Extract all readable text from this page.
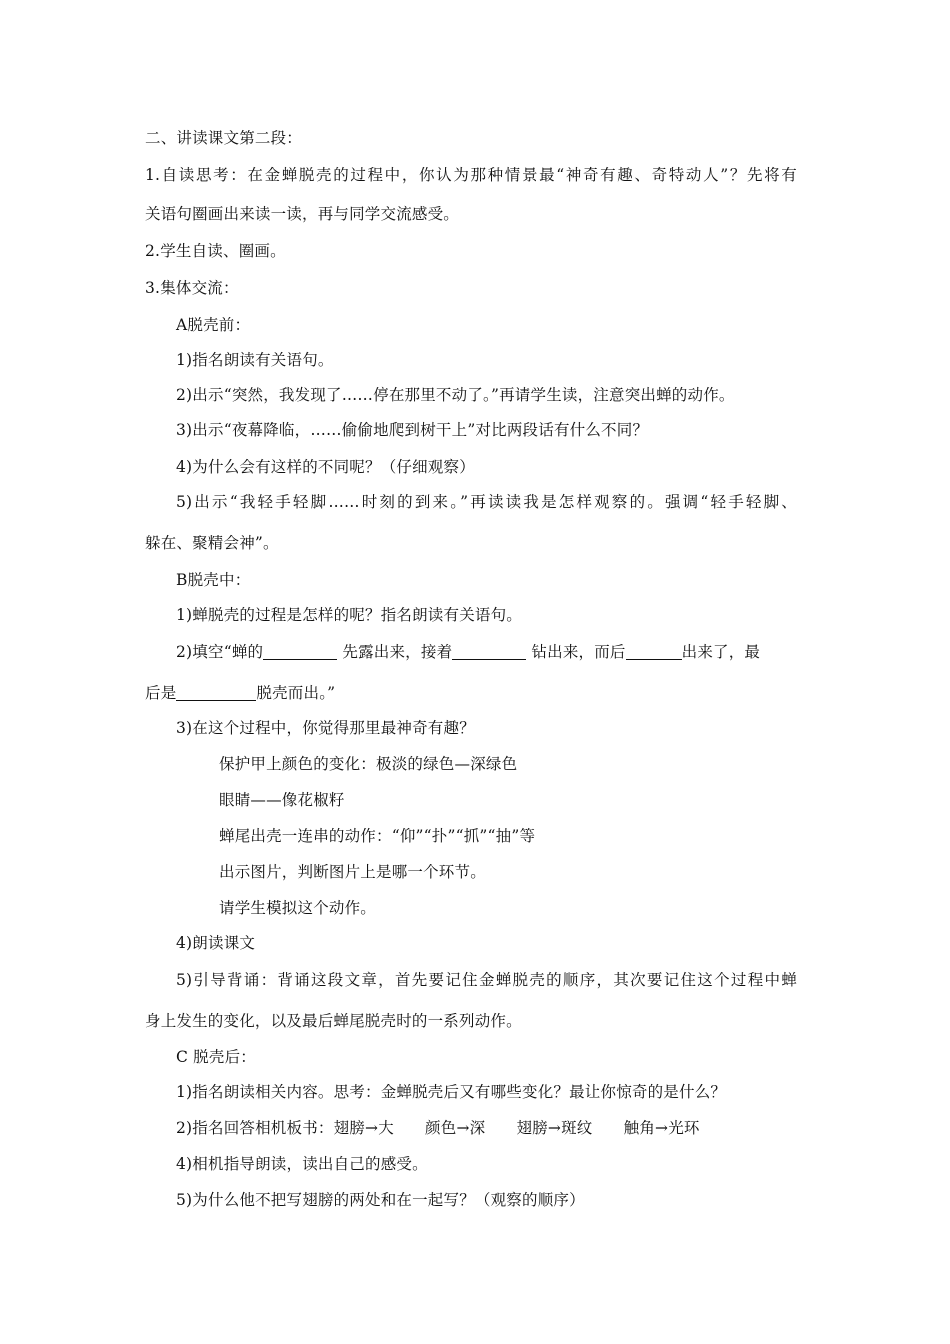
二、讲读课文第二段：
1.自读思考：在金蝉脱壳的过程中，你认为那种情景最“神奇有趣、奇特动人”？先将有
关语句圈画出来读一读，再与同学交流感受。
2.学生自读、圈画。
3.集体交流：
A脱壳前：
1)指名朗读有关语句。
2)出示“突然，我发现了……停在那里不动了。”再请学生读，注意突出蝉的动作。
3)出示“夜幕降临，……偷偷地爬到树干上”对比两段话有什么不同？
4)为什么会有这样的不同呢？（仔细观察）
5)出示“我轻手轻脚……时刻的到来。”再读读我是怎样观察的。强调“轻手轻脚、
躲在、聚精会神”。
B脱壳中：
1)蝉脱壳的过程是怎样的呢？指名朗读有关语句。
2)填空“蝉的	先露出来，接着	钻出来，而后	出来了，最
后是	脱壳而出。”
3)在这个过程中，你觉得那里最神奇有趣？
保护甲上颜色的变化：极淡的绿色—深绿色
眼睛——像花椒籽
蝉尾出壳一连串的动作：“仰”“扑”“抓”“抽”等
出示图片，判断图片上是哪一个环节。
请学生模拟这个动作。
4)朗读课文
5)引导背诵：背诵这段文章，首先要记住金蝉脱壳的顺序，其次要记住这个过程中蝉
身上发生的变化，以及最后蝉尾脱壳时的一系列动作。
C 脱壳后：
1)指名朗读相关内容。思考：金蝉脱壳后又有哪些变化？最让你惊奇的是什么？
2)指名回答相机板书：翅膀→大 颜色→深 翅膀→斑纹 触角→光环
4)相机指导朗读，读出自己的感受。
5)为什么他不把写翅膀的两处和在一起写？（观察的顺序）
